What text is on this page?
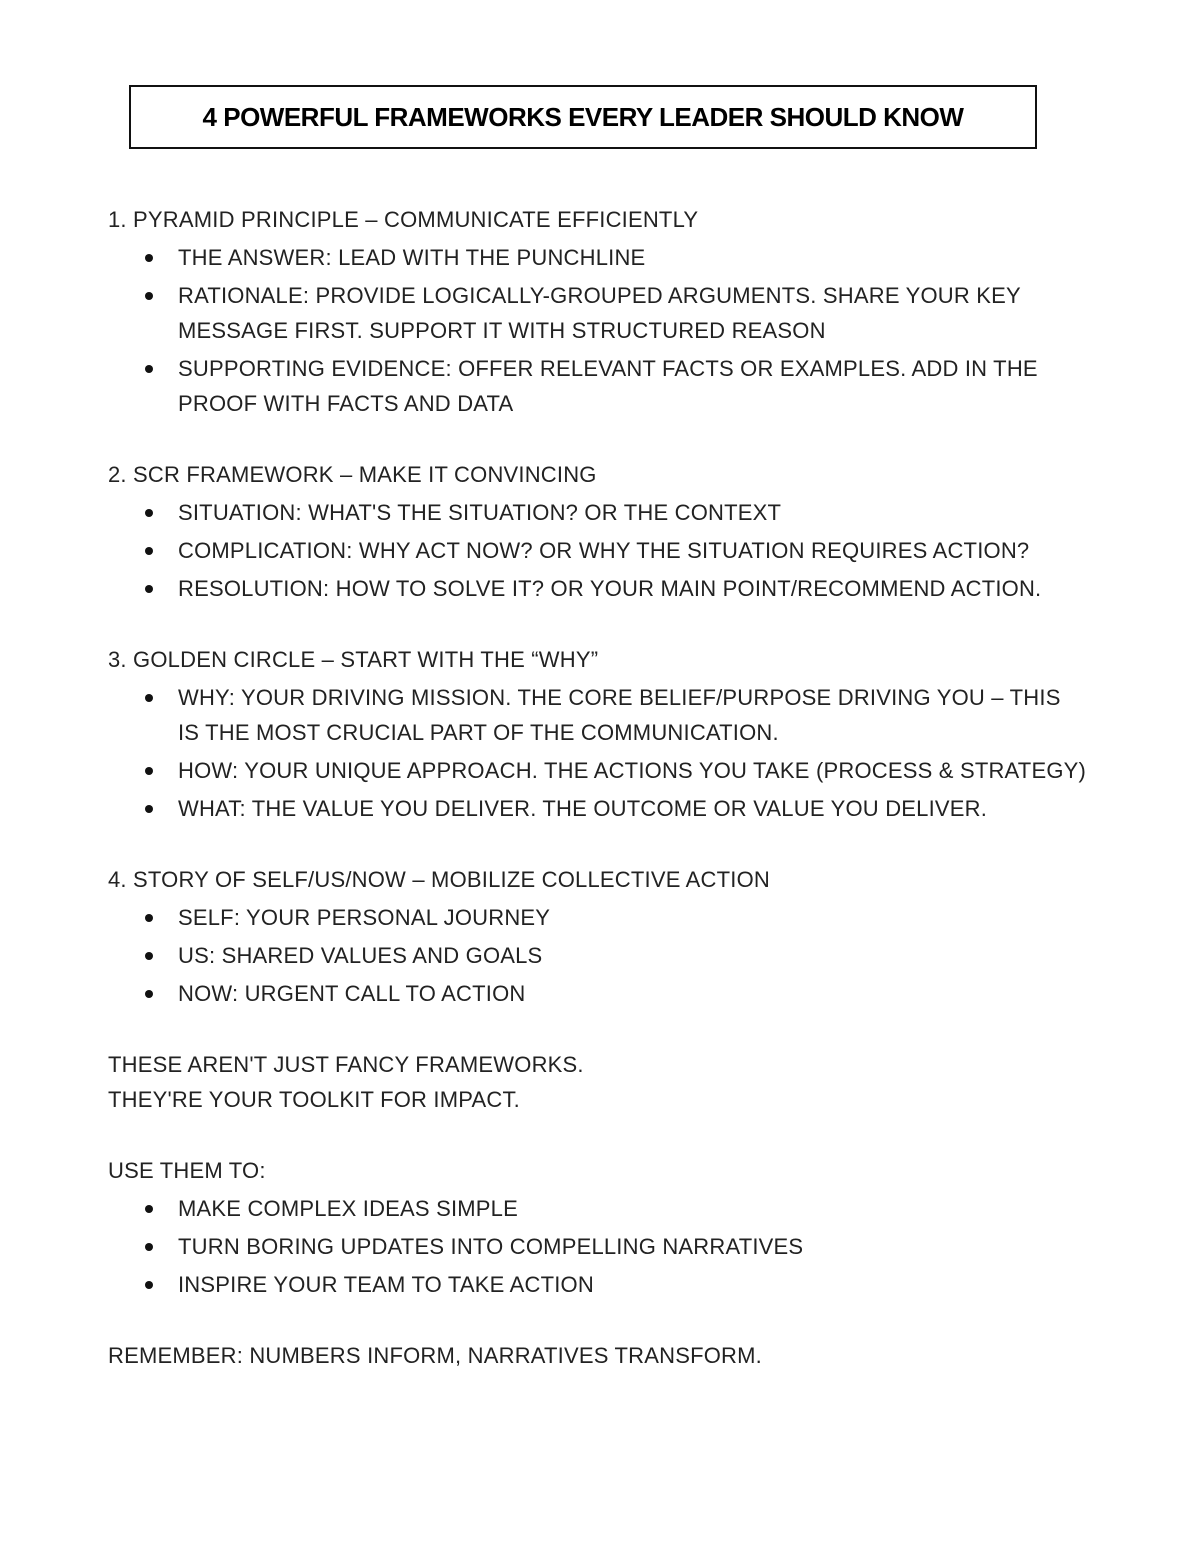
4 POWERFUL FRAMEWORKS EVERY LEADER SHOULD KNOW

1. PYRAMID PRINCIPLE – COMMUNICATE EFFICIENTLY

THE ANSWER: LEAD WITH THE PUNCHLINE
RATIONALE: PROVIDE LOGICALLY-GROUPED ARGUMENTS. SHARE YOUR KEY MESSAGE FIRST. SUPPORT IT WITH STRUCTURED REASON
SUPPORTING EVIDENCE: OFFER RELEVANT FACTS OR EXAMPLES. ADD IN THE PROOF WITH FACTS AND DATA

2. SCR FRAMEWORK – MAKE IT CONVINCING

SITUATION: WHAT'S THE SITUATION? OR THE CONTEXT
COMPLICATION: WHY ACT NOW? OR WHY THE SITUATION REQUIRES ACTION?
RESOLUTION: HOW TO SOLVE IT? OR YOUR MAIN POINT/RECOMMEND ACTION.

3. GOLDEN CIRCLE – START WITH THE “WHY”

WHY: YOUR DRIVING MISSION. THE CORE BELIEF/PURPOSE DRIVING YOU – THIS IS THE MOST CRUCIAL PART OF THE COMMUNICATION.
HOW: YOUR UNIQUE APPROACH. THE ACTIONS YOU TAKE (PROCESS & STRATEGY)
WHAT: THE VALUE YOU DELIVER. THE OUTCOME OR VALUE YOU DELIVER.

4. STORY OF SELF/US/NOW – MOBILIZE COLLECTIVE ACTION

SELF: YOUR PERSONAL JOURNEY
US: SHARED VALUES AND GOALS
NOW: URGENT CALL TO ACTION

THESE AREN'T JUST FANCY FRAMEWORKS.

THEY'RE YOUR TOOLKIT FOR IMPACT.

USE THEM TO:

MAKE COMPLEX IDEAS SIMPLE
TURN BORING UPDATES INTO COMPELLING NARRATIVES
INSPIRE YOUR TEAM TO TAKE ACTION

REMEMBER: NUMBERS INFORM, NARRATIVES TRANSFORM.
